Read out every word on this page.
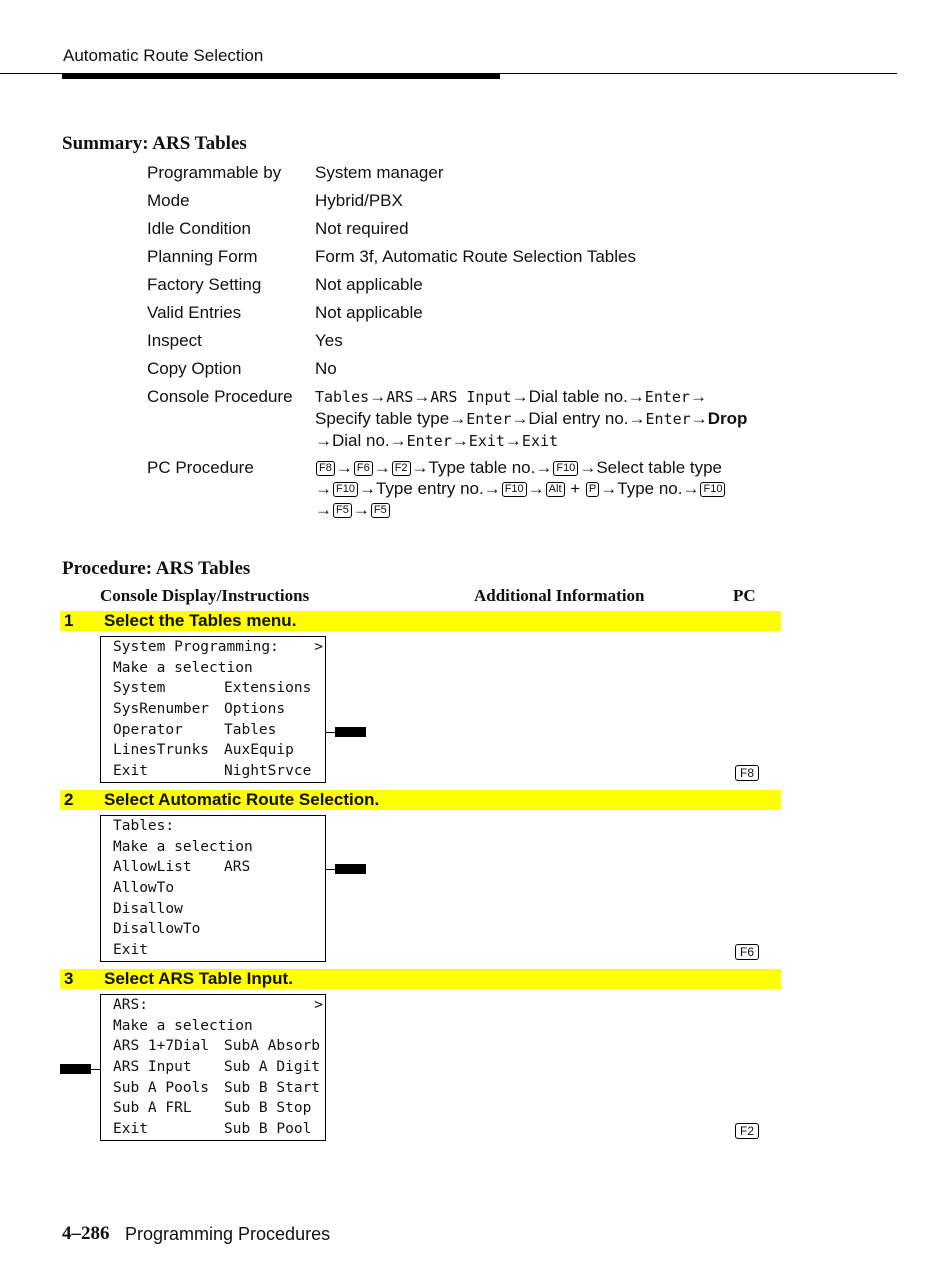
Automatic Route Selection
Summary: ARS Tables
Programmable by System manager
Mode	Hybrid/PBX
Idle Condition	Not required
Planning Form	Form 3f, Automatic Route Selection Tables
Factory Setting	Not applicable
Valid Entries	Not applicable
Inspect	Yes
Copy Option	No
Console Procedure Tables→ARS→ARS Input→Dial table no.→Enter→
Specify table type→Enter→Dial entry no.→Enter→Drop
→Dial no.→Enter→Exit→Exit
PC Procedure	F8 → F6 → F2 →Type table no.→ F10 →Select table type
→ F10 →Type entry no.→ F10 → Alt + P →Type no.→ F10
→ F5 → F5
Procedure: ARS Tables
Console Display/Instructions	Additional Information	PC
1 Select the Tables menu.
System Programming: >
Make a selection
System	Extensions
SysRenumber Options
Operator	Tables
LinesTrunks AuxEquip
Exit	NightSrvce	F8
2 Select Automatic Route Selection.
Tables:
Make a selection
AllowList ARS
AllowTo
Disallow
DisallowTo
Exit	F6
3 Select ARS Table Input.
ARS:	>
Make a selection
ARS 1+7Dial SubA Absorb
ARS Input Sub A Digit
Sub A Pools Sub B Start
Sub A FRL Sub B Stop
Exit	Sub B Pool	F2
4–286 Programming Procedures
